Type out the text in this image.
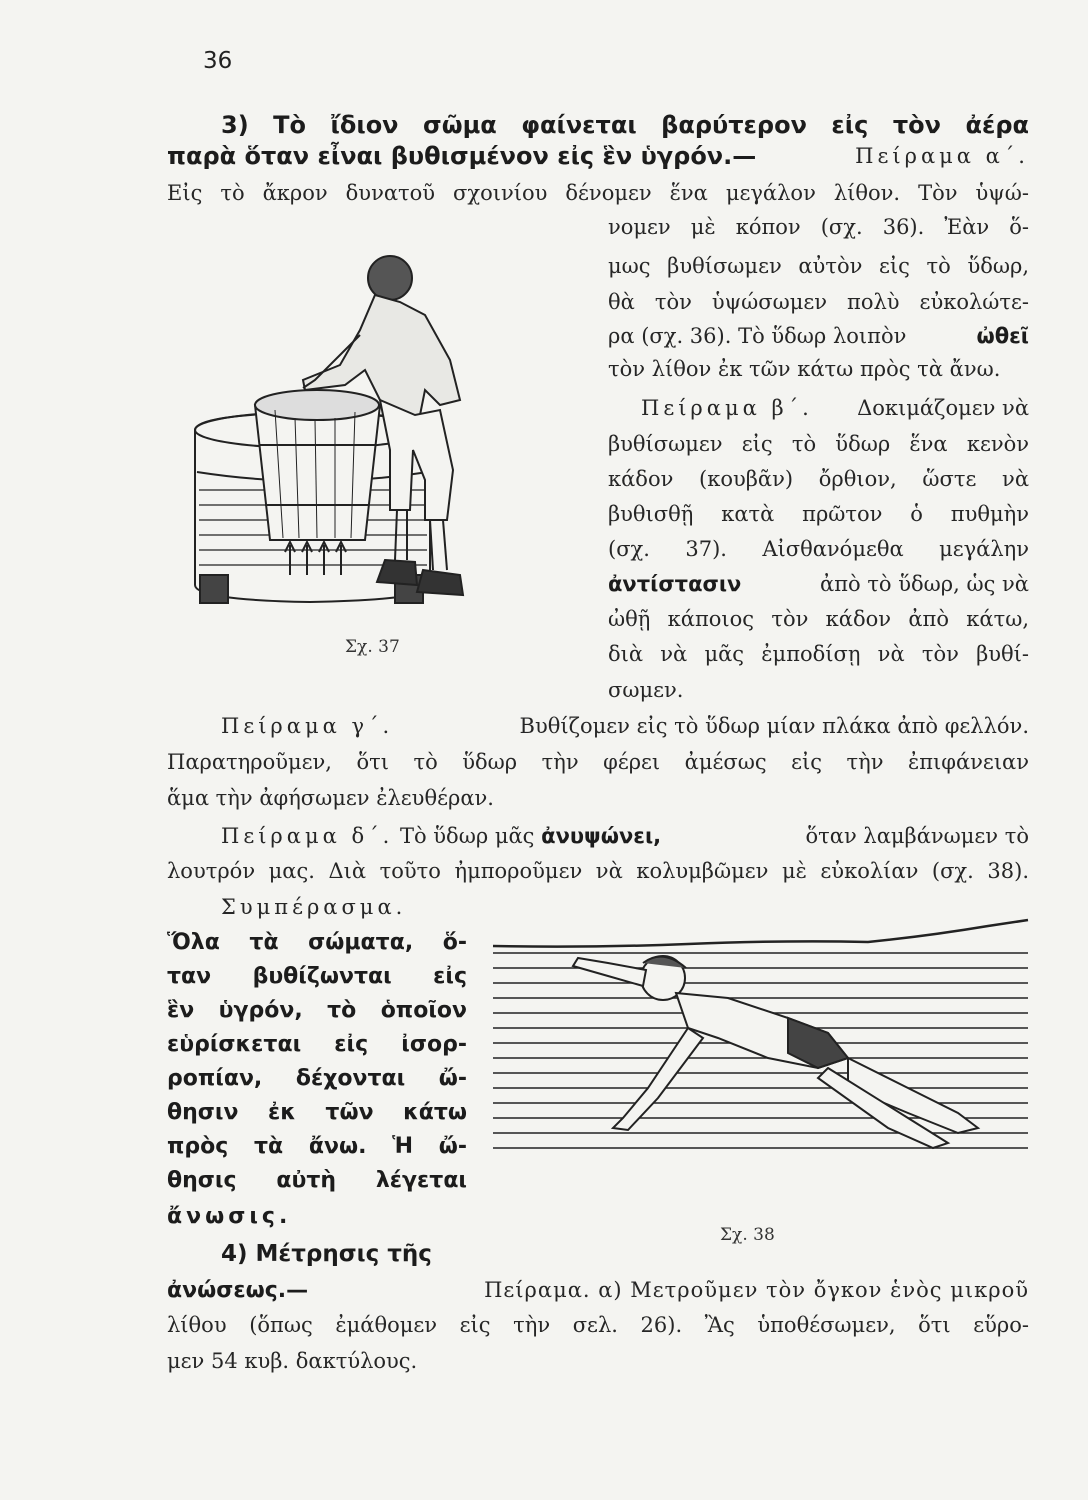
36
3) Τὸ ἴδιον σῶμα φαίνεται βαρύτερον εἰς τὸν ἀέρα
παρὰ ὅταν εἶναι βυθισμένον εἰς ἓν ὑγρόν.—	Πείραμα α΄.
Εἰς τὸ ἄκρον δυνατοῦ σχοινίου δένομεν ἕνα μεγάλον λίθον. Τὸν ὑψώ-
νομεν μὲ κόπον (σχ. 36). Ἐὰν ὅ-
μως βυθίσωμεν αὐτὸν εἰς τὸ ὕδωρ,
θὰ τὸν ὑψώσωμεν πολὺ εὐκολώτε-
ρα (σχ. 36). Τὸ ὕδωρ λοιπὸν	ὠθεῖ
τὸν λίθον ἐκ τῶν κάτω πρὸς τὰ ἄνω.
Πείραμα β΄. Δοκιμάζομεν νὰ
βυθίσωμεν εἰς τὸ ὕδωρ ἕνα κενὸν
κάδον (κουβᾶν) ὄρθιον, ὥστε νὰ
βυθισθῇ κατὰ πρῶτον ὁ πυθμὴν
(σχ. 37). Αἰσθανόμεθα μεγάλην
ἀντίστασιν	ἀπὸ τὸ ὕδωρ, ὡς νὰ
ὠθῇ κάποιος τὸν κάδον ἀπὸ κάτω,
διὰ νὰ μᾶς ἐμποδίσῃ νὰ τὸν βυθί-
σωμεν.
Σχ. 37
Πείραμα γ΄.	Βυθίζομεν εἰς τὸ ὕδωρ μίαν πλάκα ἀπὸ φελλόν.
Παρατηροῦμεν, ὅτι τὸ ὕδωρ τὴν φέρει ἀμέσως εἰς τὴν ἐπιφάνειαν
ἅμα τὴν ἀφήσωμεν ἐλευθέραν.
Πείραμα δ΄. Τὸ ὕδωρ μᾶς ἀνυψώνει,	ὅταν λαμβάνωμεν τὸ
λουτρόν μας. Διὰ τοῦτο ἠμποροῦμεν νὰ κολυμβῶμεν μὲ εὐκολίαν (σχ. 38).
Συμπέρασμα.
Ὅλα τὰ σώματα, ὅ-
ταν βυθίζωνται εἰς
ἓν ὑγρόν, τὸ ὁποῖον
εὑρίσκεται εἰς ἰσορ-
ροπίαν, δέχονται ὤ-
θησιν ἐκ τῶν κάτω
πρὸς τὰ ἄνω. Ἡ ὤ-
θησις αὐτὴ λέγεται
ἄνωσις.
Σχ. 38
4) Μέτρησις τῆς
ἀνώσεως.—	Πείραμα. α) Μετροῦμεν τὸν ὄγκον ἑνὸς μικροῦ
λίθου (ὅπως ἐμάθομεν εἰς τὴν σελ. 26). Ἂς ὑποθέσωμεν, ὅτι εὕρο-
μεν 54 κυβ. δακτύλους.
